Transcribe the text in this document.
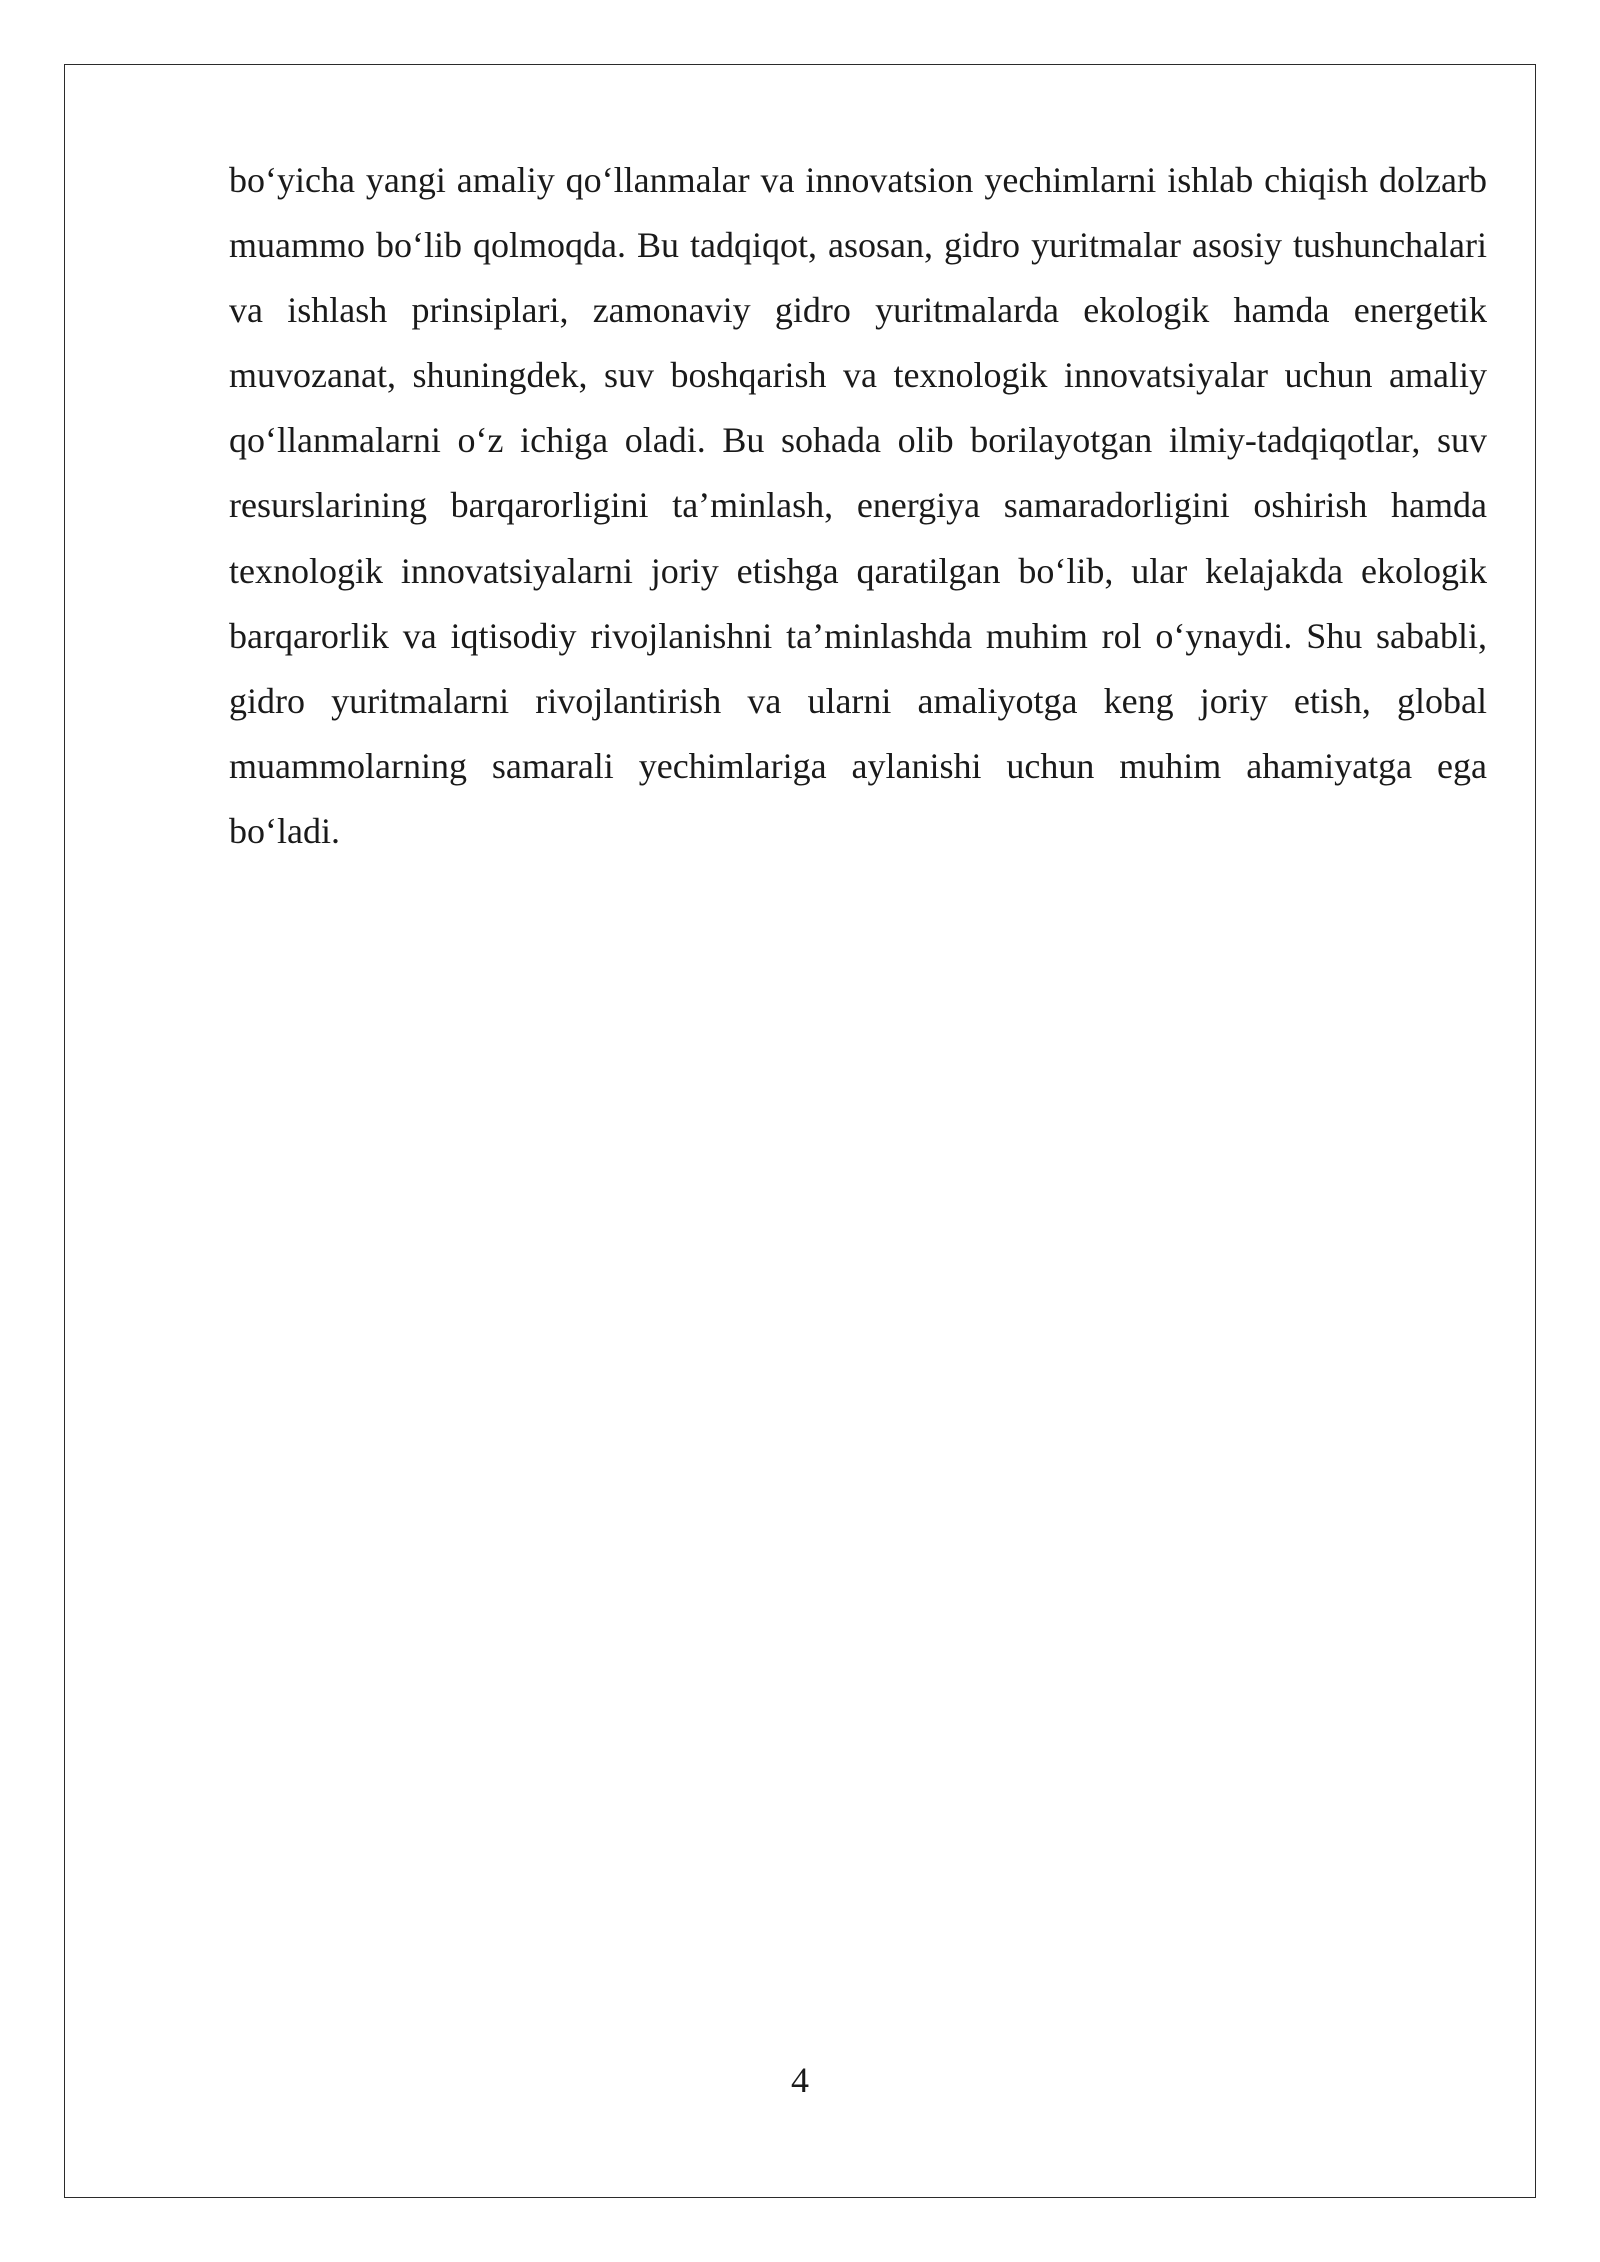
bo‘yicha yangi amaliy qo‘llanmalar va innovatsion yechimlarni ishlab chiqish dolzarb muammo bo‘lib qolmoqda. Bu tadqiqot, asosan, gidro yuritmalar asosiy tushunchalari va ishlash prinsiplari, zamonaviy gidro yuritmalarda ekologik hamda energetik muvozanat, shuningdek, suv boshqarish va texnologik innovatsiyalar uchun amaliy qo‘llanmalarni o‘z ichiga oladi. Bu sohada olib borilayotgan ilmiy-tadqiqotlar, suv resurslarining barqarorligini ta’minlash, energiya samaradorligini oshirish hamda texnologik innovatsiyalarni joriy etishga qaratilgan bo‘lib, ular kelajakda ekologik barqarorlik va iqtisodiy rivojlanishni ta’minlashda muhim rol o‘ynaydi. Shu sababli, gidro yuritmalarni rivojlantirish va ularni amaliyotga keng joriy etish, global muammolarning samarali yechimlariga aylanishi uchun muhim ahamiyatga ega bo‘ladi.

4
